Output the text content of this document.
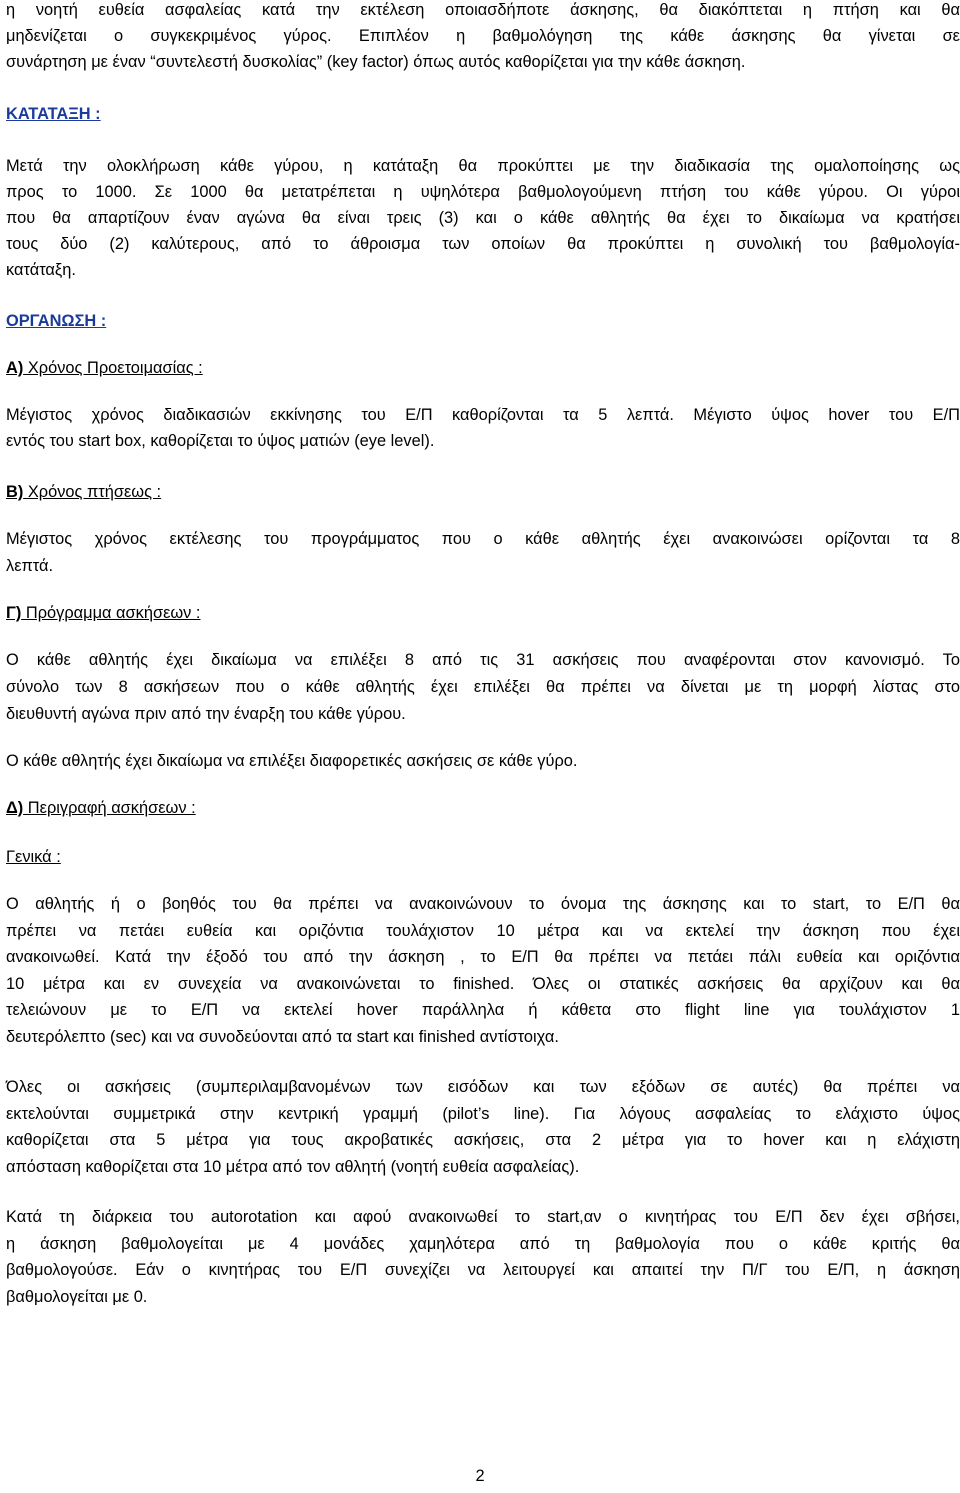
η νοητή ευθεία ασφαλείας κατά την εκτέλεση οποιασδήποτε άσκησης, θα διακόπτεται η πτήση και θα
μηδενίζεται ο συγκεκριμένος γύρος. Επιπλέον η βαθμολόγηση της κάθε άσκησης θα γίνεται σε
συνάρτηση με έναν “συντελεστή δυσκολίας” (key factor) όπως αυτός καθορίζεται για την κάθε άσκηση.
ΚΑΤΑΤΑΞΗ :
Μετά την ολοκλήρωση κάθε γύρου, η κατάταξη θα προκύπτει με την διαδικασία της ομαλοποίησης ως
προς το 1000. Σε 1000 θα μετατρέπεται η υψηλότερα βαθμολογούμενη πτήση του κάθε γύρου. Οι γύροι
που θα απαρτίζουν έναν αγώνα θα είναι τρεις (3) και ο κάθε αθλητής θα έχει το δικαίωμα να κρατήσει
τους δύο (2) καλύτερους, από το άθροισμα των οποίων θα προκύπτει η συνολική του βαθμολογία-
κατάταξη.
ΟΡΓΑΝΩΣΗ :
Α) Χρόνος Προετοιμασίας :
Μέγιστος χρόνος διαδικασιών εκκίνησης του Ε/Π καθορίζονται τα 5 λεπτά. Μέγιστο ύψος hover του Ε/Π
εντός του start box, καθορίζεται το ύψος ματιών (eye level).
Β) Χρόνος πτήσεως :
Μέγιστος χρόνος εκτέλεσης του προγράμματος που ο κάθε αθλητής έχει ανακοινώσει ορίζονται τα 8
λεπτά.
Γ) Πρόγραμμα ασκήσεων :
Ο κάθε αθλητής έχει δικαίωμα να επιλέξει 8 από τις 31 ασκήσεις που αναφέρονται στον κανονισμό. Το
σύνολο των 8 ασκήσεων που ο κάθε αθλητής έχει επιλέξει θα πρέπει να δίνεται με τη μορφή λίστας στο
διευθυντή αγώνα πριν από την έναρξη του κάθε γύρου.
Ο κάθε αθλητής έχει δικαίωμα να επιλέξει διαφορετικές ασκήσεις σε κάθε γύρο.
Δ) Περιγραφή ασκήσεων :
Γενικά :
Ο αθλητής ή ο βοηθός του θα πρέπει να ανακοινώνουν το όνομα της άσκησης και το start, το Ε/Π θα
πρέπει να πετάει ευθεία και οριζόντια τουλάχιστον 10 μέτρα και να εκτελεί την άσκηση που έχει
ανακοινωθεί. Κατά την έξοδό του από την άσκηση , το Ε/Π θα πρέπει να πετάει πάλι ευθεία και οριζόντια
10 μέτρα και εν συνεχεία να ανακοινώνεται το finished. Όλες οι στατικές ασκήσεις θα αρχίζουν και θα
τελειώνουν με το Ε/Π να εκτελεί hover παράλληλα ή κάθετα στο flight line για τουλάχιστον 1
δευτερόλεπτο (sec) και να συνοδεύονται από τα start και finished αντίστοιχα.
Όλες οι ασκήσεις (συμπεριλαμβανομένων των εισόδων και των εξόδων σε αυτές) θα πρέπει να
εκτελούνται συμμετρικά στην κεντρική γραμμή (pilot’s line). Για λόγους ασφαλείας το ελάχιστο ύψος
καθορίζεται στα 5 μέτρα για τους ακροβατικές ασκήσεις, στα 2 μέτρα για το hover και η ελάχιστη
απόσταση καθορίζεται στα 10 μέτρα από τον αθλητή (νοητή ευθεία ασφαλείας).
Κατά τη διάρκεια του autorotation και αφού ανακοινωθεί το start,αν ο κινητήρας του Ε/Π δεν έχει σβήσει,
η άσκηση βαθμολογείται με 4 μονάδες χαμηλότερα από τη βαθμολογία που ο κάθε κριτής θα
βαθμολογούσε. Εάν ο κινητήρας του Ε/Π συνεχίζει να λειτουργεί και απαιτεί την Π/Γ του Ε/Π, η άσκηση
βαθμολογείται με 0.
2
